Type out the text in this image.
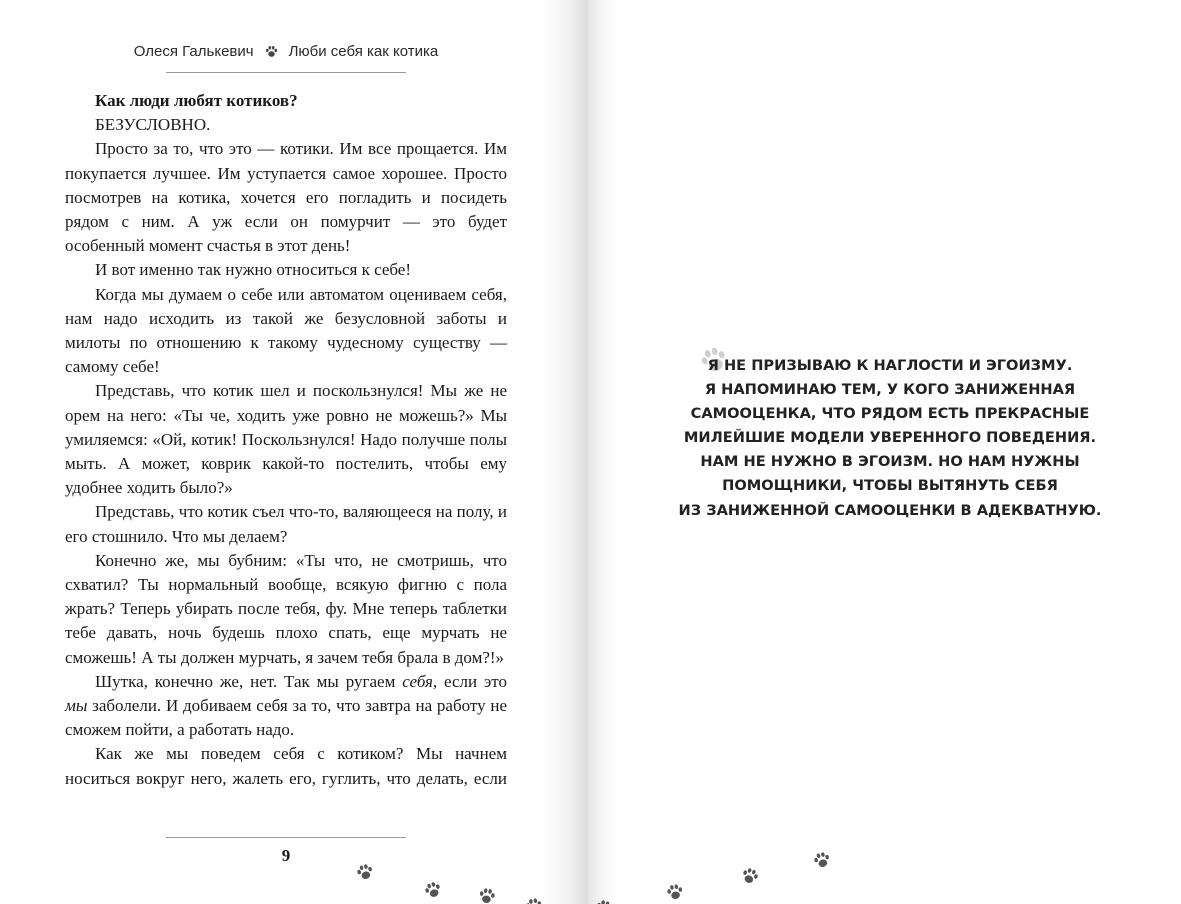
Олеся Галькевич Люби себя как котика

Как люди любят котиков?

БЕЗУСЛОВНО.

Просто за то, что это — котики. Им все прощается. Им покупается лучшее. Им уступается самое хорошее. Просто посмотрев на котика, хочется его погладить и посидеть рядом с ним. А уж если он помурчит — это будет особенный момент счастья в этот день!

И вот именно так нужно относиться к себе!

Когда мы думаем о себе или автоматом оцениваем себя, нам надо исходить из такой же безусловной заботы и милоты по отношению к такому чудесному существу — самому себе!

Представь, что котик шел и поскользнулся! Мы же не орем на него: «Ты че, ходить уже ровно не можешь?» Мы умиляемся: «Ой, котик! Поскользнулся! Надо получше полы мыть. А может, коврик какой-то постелить, чтобы ему удобнее ходить было?»

Представь, что котик съел что-то, валяющееся на полу, и его стошнило. Что мы делаем?

Конечно же, мы бубним: «Ты что, не смотришь, что схватил? Ты нормальный вообще, всякую фигню с пола жрать? Теперь убирать после тебя, фу. Мне теперь таблетки тебе давать, ночь будешь плохо спать, еще мурчать не сможешь! А ты должен мурчать, я зачем тебя брала в дом?!»

Шутка, конечно же, нет. Так мы ругаем себя, если это мы заболели. И добиваем себя за то, что завтра на работу не сможем пойти, а работать надо.

Как же мы поведем себя с котиком? Мы начнем носиться вокруг него, жалеть его, гуглить, что делать, если

9
Я НЕ ПРИЗЫВАЮ К НАГЛОСТИ И ЭГОИЗМУ.
Я НАПОМИНАЮ ТЕМ, У КОГО ЗАНИЖЕННАЯ
САМООЦЕНКА, ЧТО РЯДОМ ЕСТЬ ПРЕКРАСНЫЕ
МИЛЕЙШИЕ МОДЕЛИ УВЕРЕННОГО ПОВЕДЕНИЯ.
НАМ НЕ НУЖНО В ЭГОИЗМ. НО НАМ НУЖНЫ
ПОМОЩНИКИ, ЧТОБЫ ВЫТЯНУТЬ СЕБЯ
ИЗ ЗАНИЖЕННОЙ САМООЦЕНКИ В АДЕКВАТНУЮ.
